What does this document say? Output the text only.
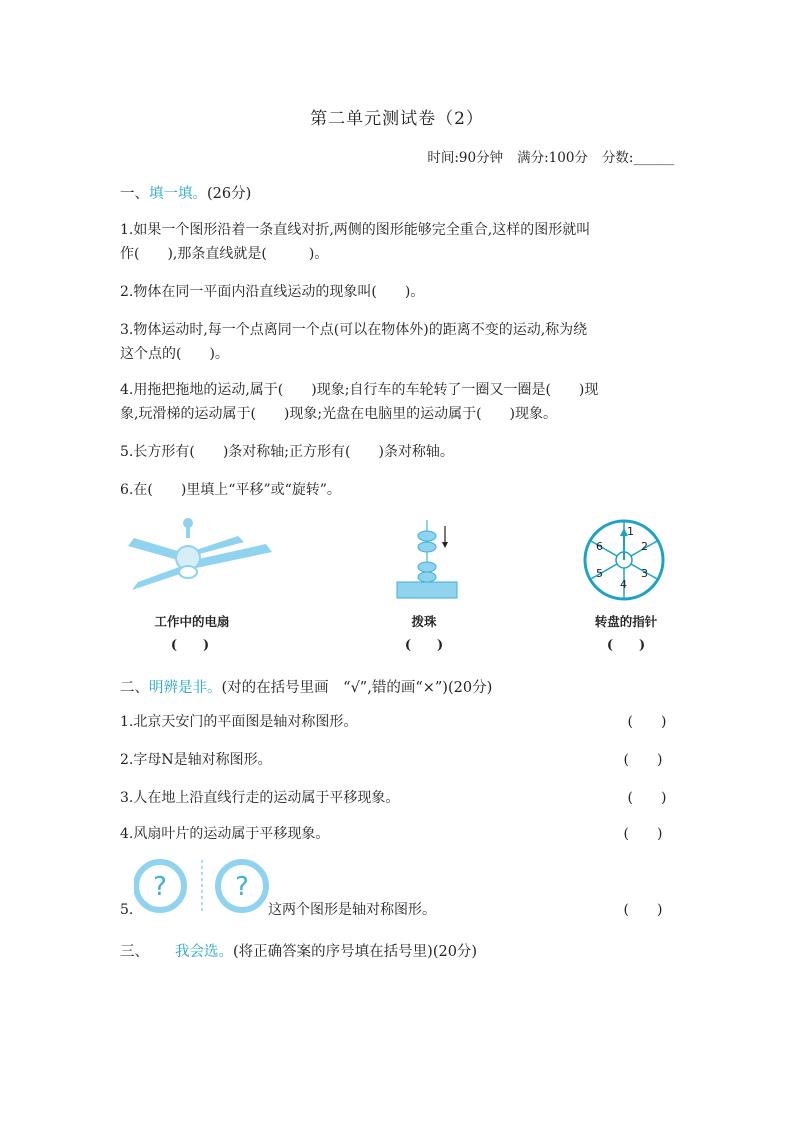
第二单元测试卷（2）
时间:90分钟 满分:100分 分数:______
一、填一填。(26分)
1.如果一个图形沿着一条直线对折,两侧的图形能够完全重合,这样的图形就叫
作(　　),那条直线就是(　　　)。
2.物体在同一平面内沿直线运动的现象叫(　　)。
3.物体运动时,每一个点离同一个点(可以在物体外)的距离不变的运动,称为绕
这个点的(　　)。
4.用拖把拖地的运动,属于(　　)现象;自行车的车轮转了一圈又一圈是(　　)现
象,玩滑梯的运动属于(　　)现象;光盘在电脑里的运动属于(　　)现象。
5.长方形有(　　)条对称轴;正方形有(　　)条对称轴。
6.在(　　)里填上“平移”或“旋转”。
工作中的电扇
(　　)
拨珠
(　　)
1
2
3
4
5
6
转盘的指针
(　　)
二、明辨是非。(对的在括号里画　“√”,错的画“×”)(20分)
1.北京天安门的平面图是轴对称图形。	(　　)
2.字母N是轴对称图形。	(　　)
3.人在地上沿直线行走的运动属于平移现象。	(　　)
4.风扇叶片的运动属于平移现象。	(　　)
5.
?	?
这两个图形是轴对称图形。	(　　)
三、 我会选。(将正确答案的序号填在括号里)(20分)
